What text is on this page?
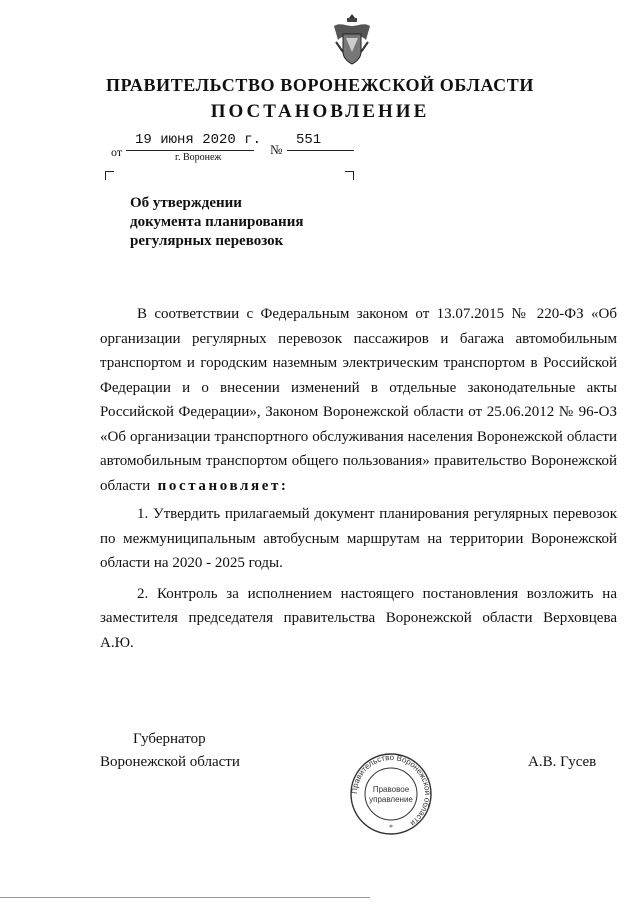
ПРАВИТЕЛЬСТВО ВОРОНЕЖСКОЙ ОБЛАСТИ
ПОСТАНОВЛЕНИЕ
от
19 июня 2020 г.
№
551
г. Воронеж
Об утверждении
документа планирования
регулярных перевозок

В соответствии с Федеральным законом от 13.07.2015 № 220-ФЗ «Об организации регулярных перевозок пассажиров и багажа автомобильным транспортом и городским наземным электрическим транспортом в Российской Федерации и о внесении изменений в отдельные законодательные акты Российской Федерации», Законом Воронежской области от 25.06.2012 № 96-ОЗ «Об организации транспортного обслуживания населения Воронежской области автомобильным транспортом общего пользования» правительство Воронежской области постановляет:

1. Утвердить прилагаемый документ планирования регулярных перевозок по межмуниципальным автобусным маршрутам на территории Воронежской области на 2020 - 2025 годы.

2. Контроль за исполнением настоящего постановления возложить на заместителя председателя правительства Воронежской области Верховцева А.Ю.

Губернатор
Воронежской области	А.В. Гусев
Правительство Воронежской области
Правовое
управление
*
